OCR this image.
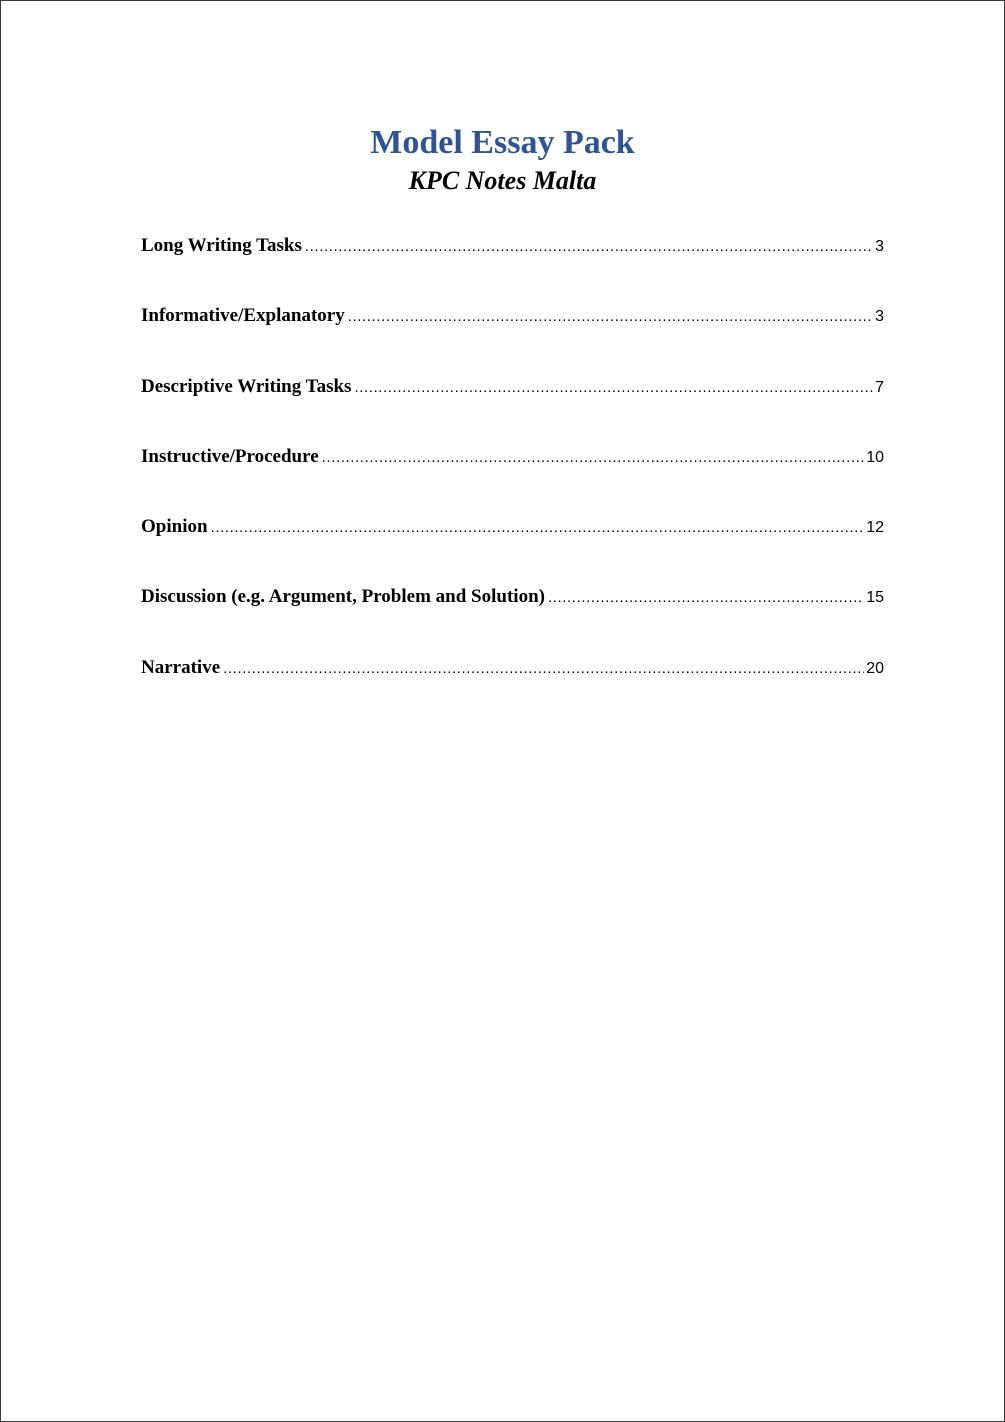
Model Essay Pack
KPC Notes Malta
Long Writing Tasks .....	3
Informative/Explanatory .....	3
Descriptive Writing Tasks .....	7
Instructive/Procedure .....	10
Opinion .....	12
Discussion (e.g. Argument, Problem and Solution) .....	15
Narrative .....	20
